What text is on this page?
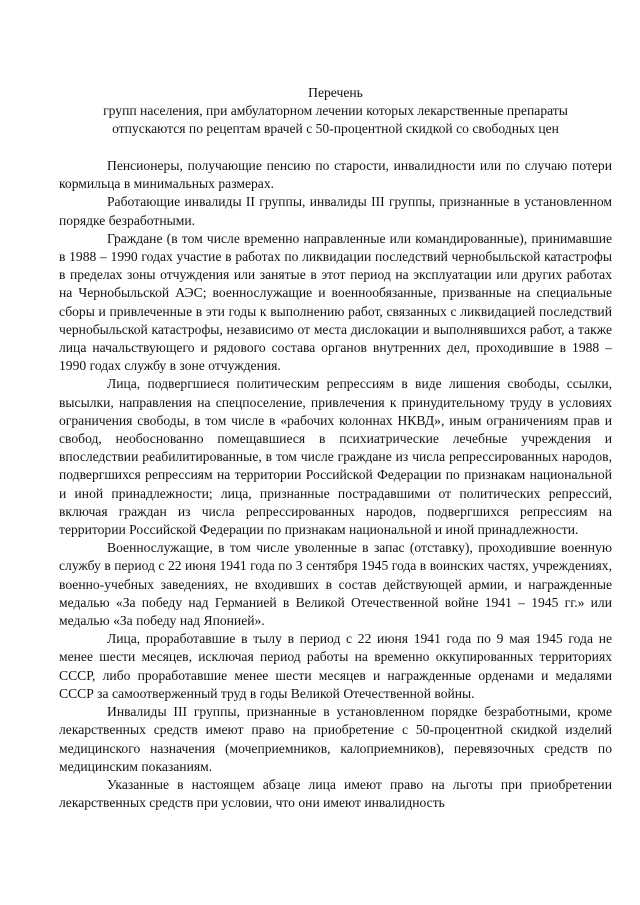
Перечень
групп населения, при амбулаторном лечении которых лекарственные препараты
отпускаются по рецептам врачей с 50-процентной скидкой со свободных цен

Пенсионеры, получающие пенсию по старости, инвалидности или по случаю потери кормильца в минимальных размерах.

Работающие инвалиды II группы, инвалиды III группы, признанные в установленном порядке безработными.

Граждане (в том числе временно направленные или командированные), принимавшие в 1988 – 1990 годах участие в работах по ликвидации последствий чернобыльской катастрофы в пределах зоны отчуждения или занятые в этот период на эксплуатации или других работах на Чернобыльской АЭС; военнослужащие и военнообязанные, призванные на специальные сборы и привлеченные в эти годы к выполнению работ, связанных с ликвидацией последствий чернобыльской катастрофы, независимо от места дислокации и выполнявшихся работ, а также лица начальствующего и рядового состава органов внутренних дел, проходившие в 1988 – 1990 годах службу в зоне отчуждения.

Лица, подвергшиеся политическим репрессиям в виде лишения свободы, ссылки, высылки, направления на спецпоселение, привлечения к принудительному труду в условиях ограничения свободы, в том числе в «рабочих колоннах НКВД», иным ограничениям прав и свобод, необоснованно помещавшиеся в психиатрические лечебные учреждения и впоследствии реабилитированные, в том числе граждане из числа репрессированных народов, подвергшихся репрессиям на территории Российской Федерации по признакам национальной и иной принадлежности; лица, признанные пострадавшими от политических репрессий, включая граждан из числа репрессированных народов, подвергшихся репрессиям на территории Российской Федерации по признакам национальной и иной принадлежности.

Военнослужащие, в том числе уволенные в запас (отставку), проходившие военную службу в период с 22 июня 1941 года по 3 сентября 1945 года в воинских частях, учреждениях, военно-учебных заведениях, не входивших в состав действующей армии, и награжденные медалью «За победу над Германией в Великой Отечественной войне 1941 – 1945 гг.» или медалью «За победу над Японией».

Лица, проработавшие в тылу в период с 22 июня 1941 года по 9 мая 1945 года не менее шести месяцев, исключая период работы на временно оккупированных территориях СССР, либо проработавшие менее шести месяцев и награжденные орденами и медалями СССР за самоотверженный труд в годы Великой Отечественной войны.

Инвалиды III группы, признанные в установленном порядке безработными, кроме лекарственных средств имеют право на приобретение с 50-процентной скидкой изделий медицинского назначения (мочеприемников, калоприемников), перевязочных средств по медицинским показаниям.

Указанные в настоящем абзаце лица имеют право на льготы при приобретении лекарственных средств при условии, что они имеют инвалидность
